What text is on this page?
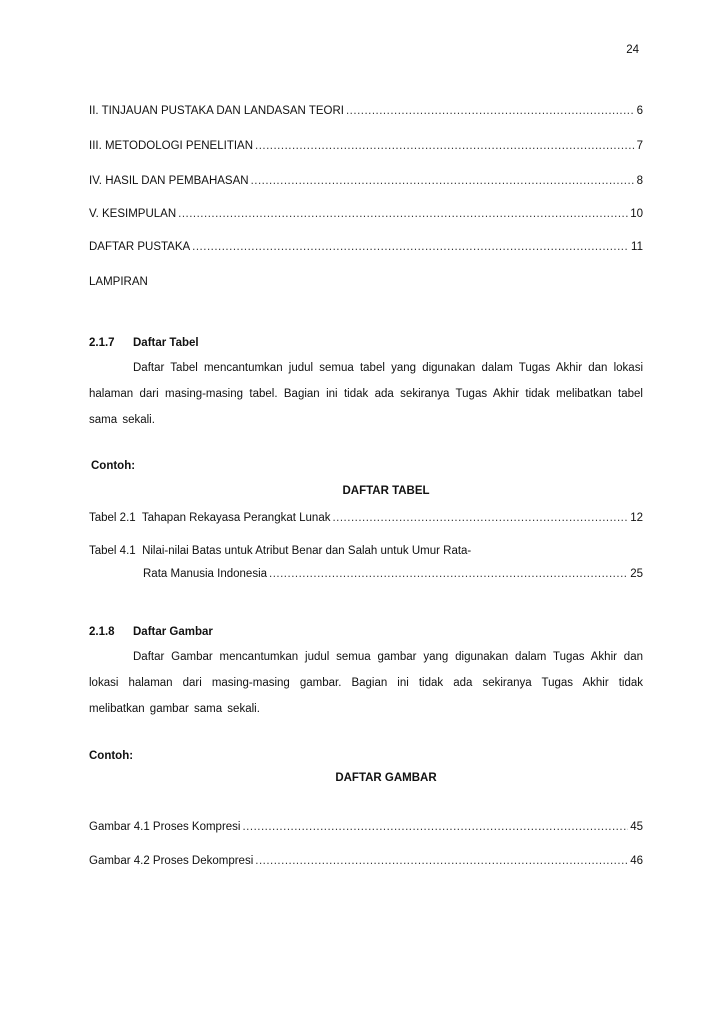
24
II. TINJAUAN PUSTAKA DAN LANDASAN TEORI .....	6
III. METODOLOGI PENELITIAN .....	7
IV. HASIL DAN PEMBAHASAN .....	8
V. KESIMPULAN .....	10
DAFTAR PUSTAKA .....	11
LAMPIRAN
2.1.7 Daftar Tabel
Daftar Tabel mencantumkan judul semua tabel yang digunakan dalam Tugas Akhir dan lokasi halaman dari masing-masing tabel. Bagian ini tidak ada sekiranya Tugas Akhir tidak melibatkan tabel sama sekali.
Contoh:
DAFTAR TABEL
Tabel 2.1  Tahapan Rekayasa Perangkat Lunak .....	12
Tabel 4.1  Nilai-nilai Batas untuk Atribut Benar dan Salah untuk Umur Rata-
Rata Manusia Indonesia .....	25
2.1.8 Daftar Gambar
Daftar Gambar mencantumkan judul semua gambar yang digunakan dalam Tugas Akhir dan lokasi halaman dari masing-masing gambar. Bagian ini tidak ada sekiranya Tugas Akhir tidak melibatkan gambar sama sekali.
Contoh:
DAFTAR GAMBAR
Gambar 4.1 Proses Kompresi .....	45
Gambar 4.2 Proses Dekompresi .....	46
